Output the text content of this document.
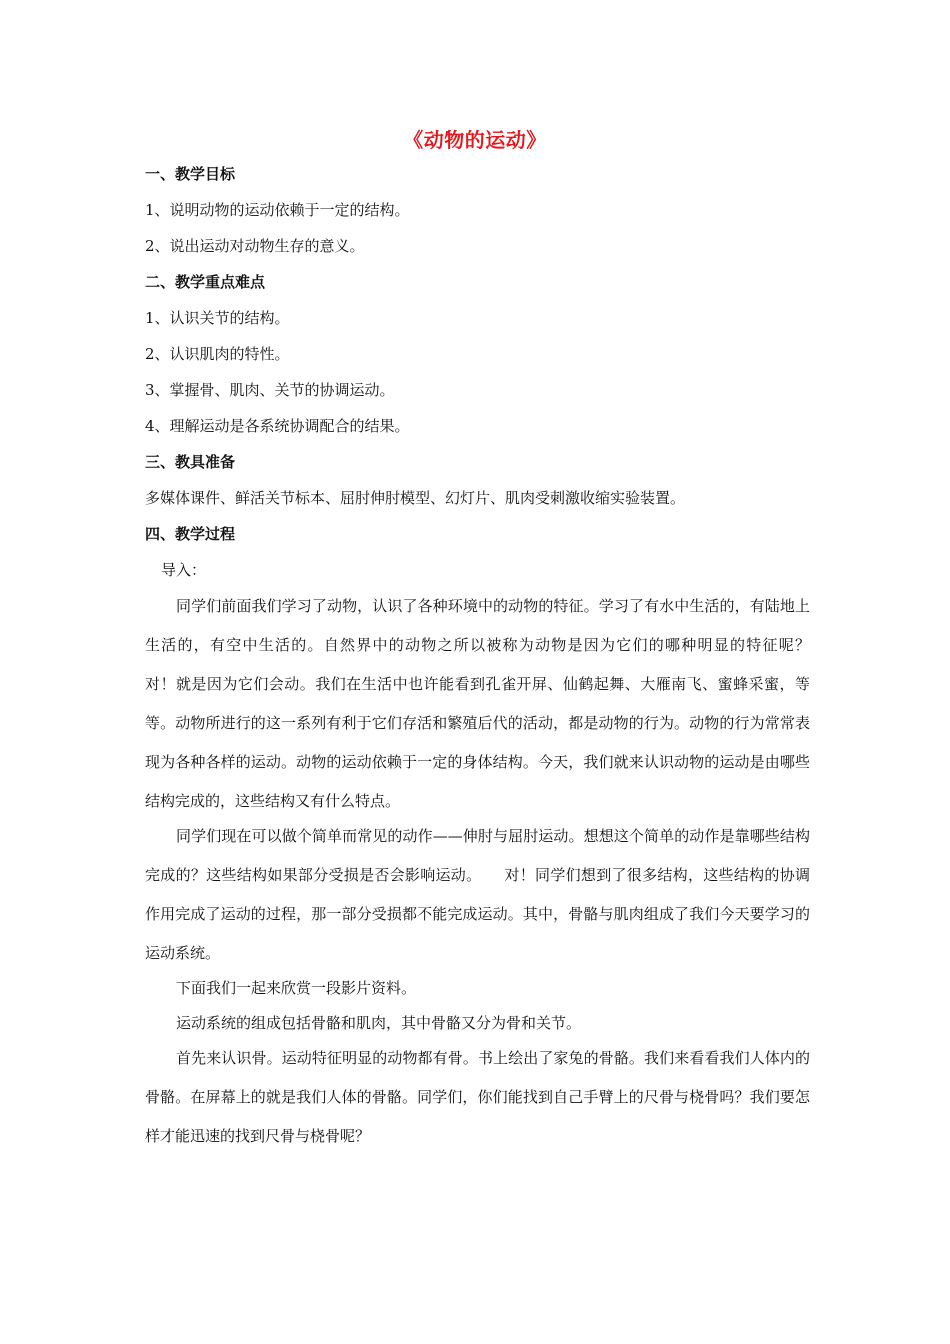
《动物的运动》
一、教学目标
1、说明动物的运动依赖于一定的结构。
2、说出运动对动物生存的意义。
二、教学重点难点
1、认识关节的结构。
2、认识肌肉的特性。
3、掌握骨、肌肉、关节的协调运动。
4、理解运动是各系统协调配合的结果。
三、教具准备
多媒体课件、鲜活关节标本、屈肘伸肘模型、幻灯片、肌肉受刺激收缩实验装置。
四、教学过程
导入：

同学们前面我们学习了动物，认识了各种环境中的动物的特征。学习了有水中生活的，有陆地上生活的，有空中生活的。自然界中的动物之所以被称为动物是因为它们的哪种明显的特征呢？　　对！就是因为它们会动。我们在生活中也许能看到孔雀开屏、仙鹤起舞、大雁南飞、蜜蜂采蜜，等等。动物所进行的这一系列有利于它们存活和繁殖后代的活动，都是动物的行为。动物的行为常常表现为各种各样的运动。动物的运动依赖于一定的身体结构。今天，我们就来认识动物的运动是由哪些结构完成的，这些结构又有什么特点。

同学们现在可以做个简单而常见的动作——伸肘与屈肘运动。想想这个简单的动作是靠哪些结构完成的？这些结构如果部分受损是否会影响运动。　　对！同学们想到了很多结构，这些结构的协调作用完成了运动的过程，那一部分受损都不能完成运动。其中，骨骼与肌肉组成了我们今天要学习的运动系统。

下面我们一起来欣赏一段影片资料。
运动系统的组成包括骨骼和肌肉，其中骨骼又分为骨和关节。

首先来认识骨。运动特征明显的动物都有骨。书上绘出了家兔的骨骼。我们来看看我们人体内的骨骼。在屏幕上的就是我们人体的骨骼。同学们，你们能找到自己手臂上的尺骨与桡骨吗？我们要怎样才能迅速的找到尺骨与桡骨呢？
